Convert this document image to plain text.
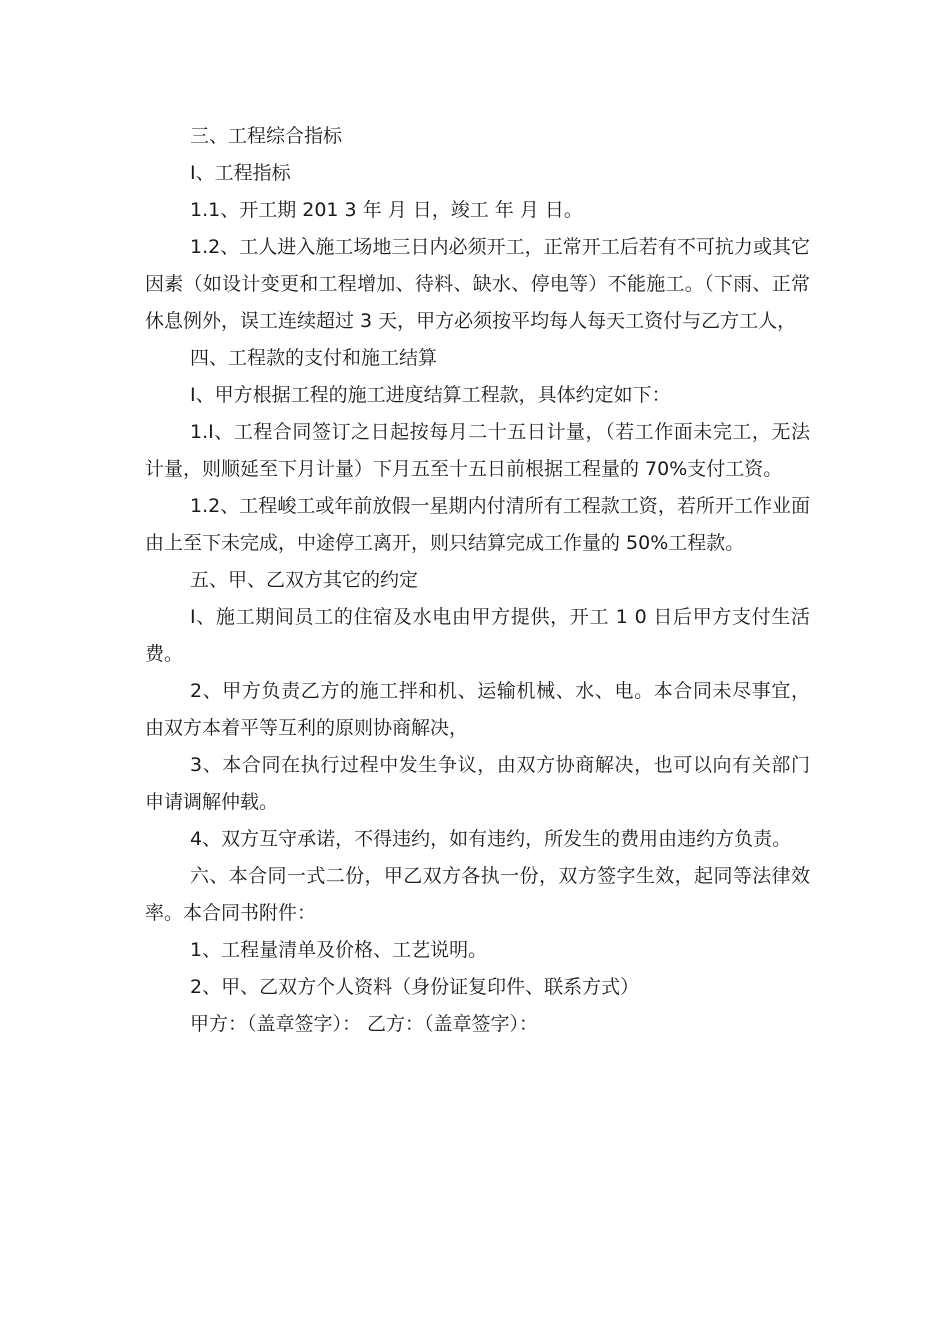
三、工程综合指标

I、工程指标

1.1、开工期 201 3 年 月 日，竣工 年 月 日。

1.2、工人进入施工场地三日内必须开工，正常开工后若有不可抗力或其它因素（如设计变更和工程增加、待料、缺水、停电等）不能施工。（下雨、正常休息例外，误工连续超过 3 天，甲方必须按平均每人每天工资付与乙方工人，

四、工程款的支付和施工结算

I、甲方根据工程的施工进度结算工程款，具体约定如下：

1.I、工程合同签订之日起按每月二十五日计量，（若工作面未完工，无法计量，则顺延至下月计量）下月五至十五日前根据工程量的 70%支付工资。

1.2、工程峻工或年前放假一星期内付清所有工程款工资，若所开工作业面由上至下未完成，中途停工离开，则只结算完成工作量的 50%工程款。

五、甲、乙双方其它的约定

I、施工期间员工的住宿及水电由甲方提供，开工 1 0 日后甲方支付生活费。

2、甲方负责乙方的施工拌和机、运输机械、水、电。本合同未尽事宜，由双方本着平等互利的原则协商解决，

3、本合同在执行过程中发生争议，由双方协商解决，也可以向有关部门申请调解仲载。

4、双方互守承诺，不得违约，如有违约，所发生的费用由违约方负责。

六、本合同一式二份，甲乙双方各执一份，双方签字生效，起同等法律效率。本合同书附件：

1、工程量清单及价格、工艺说明。

2、甲、乙双方个人资料（身份证复印件、联系方式）

甲方：（盖章签字）： 乙方：（盖章签字）：
